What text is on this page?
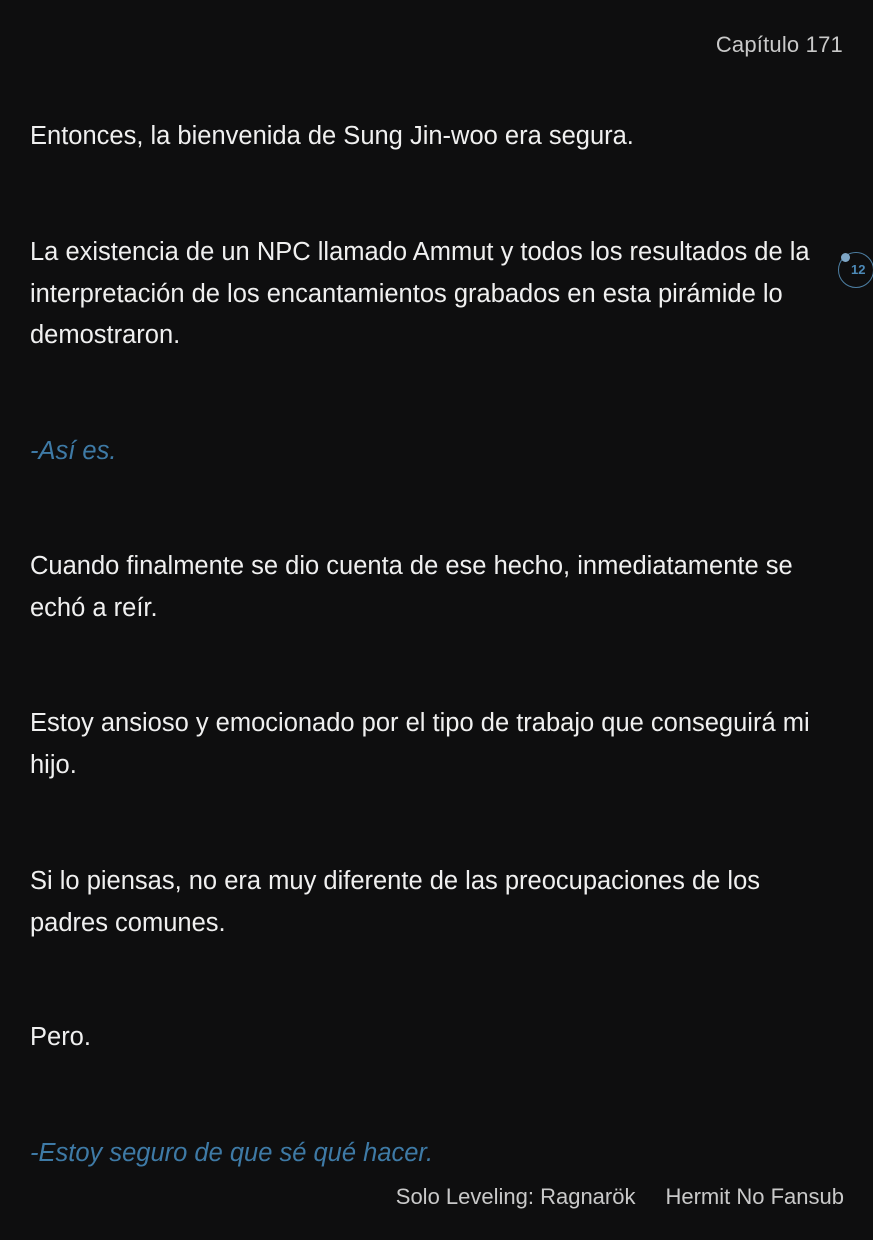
Capítulo 171

Entonces, la bienvenida de Sung Jin-woo era segura.

La existencia de un NPC llamado Ammut y todos los resultados de la interpretación de los encantamientos grabados en esta pirámide lo demostraron.

-Así es.

Cuando finalmente se dio cuenta de ese hecho, inmediatamente se echó a reír.

Estoy ansioso y emocionado por el tipo de trabajo que conseguirá mi hijo.

Si lo piensas, no era muy diferente de las preocupaciones de los padres comunes.

Pero.

-Estoy seguro de que sé qué hacer.

12
Solo Leveling: Ragnarök Hermit No Fansub
